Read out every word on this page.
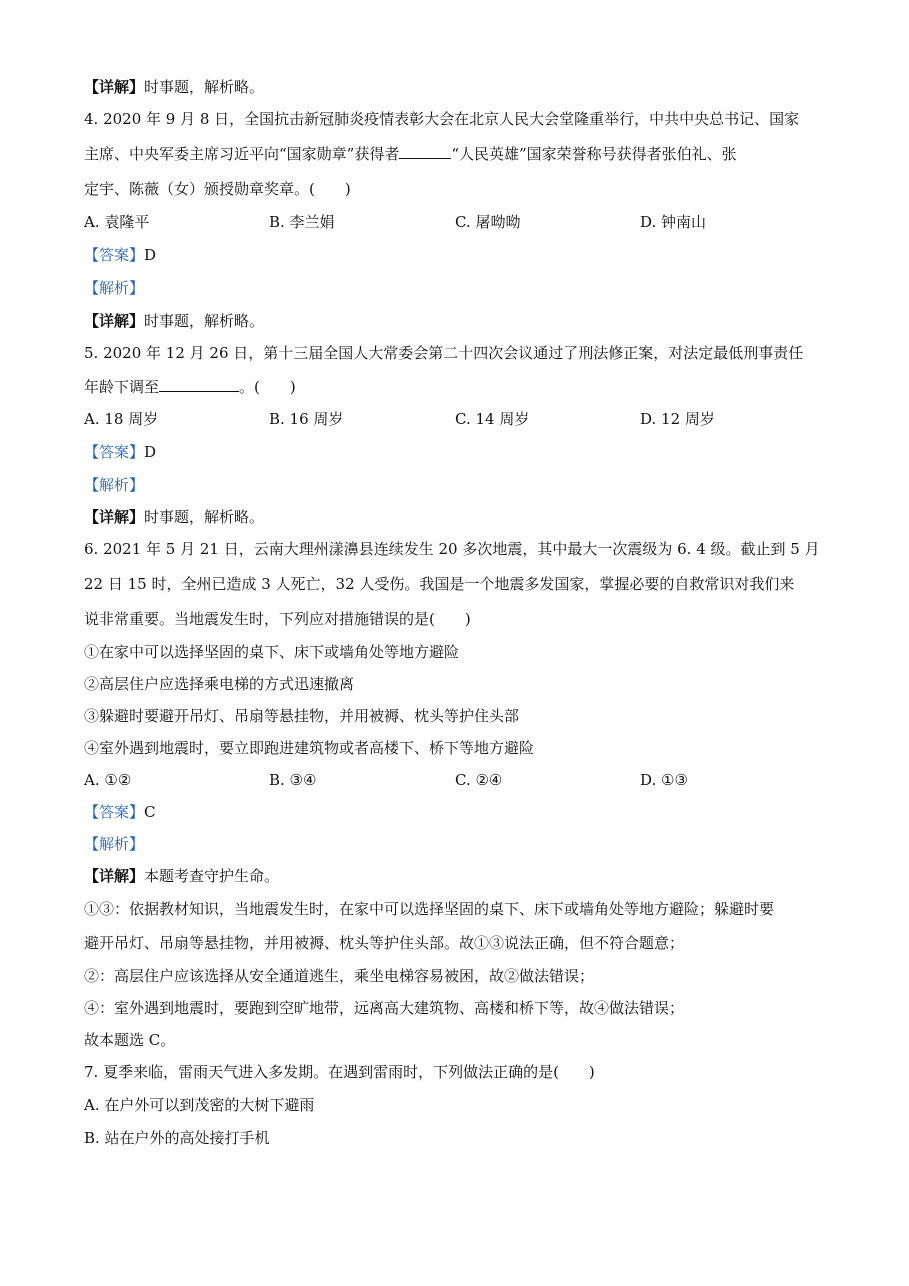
【详解】时事题，解析略。
4. 2020 年 9 月 8 日，全国抗击新冠肺炎疫情表彰大会在北京人民大会堂隆重举行，中共中央总书记、国家
主席、中央军委主席习近平向“国家勋章”获得者	“人民英雄”国家荣誉称号获得者张伯礼、张
定宇、陈薇（女）颁授勋章奖章。(　　)
A. 袁隆平	B. 李兰娟	C. 屠呦呦	D. 钟南山
【答案】D
【解析】
【详解】时事题，解析略。
5. 2020 年 12 月 26 日，第十三届全国人大常委会第二十四次会议通过了刑法修正案，对法定最低刑事责任
年龄下调至	。(　　)
A. 18 周岁	B. 16 周岁	C. 14 周岁	D. 12 周岁
【答案】D
【解析】
【详解】时事题，解析略。
6. 2021 年 5 月 21 日，云南大理州漾濞县连续发生 20 多次地震，其中最大一次震级为 6. 4 级。截止到 5 月
22 日 15 时，全州已造成 3 人死亡，32 人受伤。我国是一个地震多发国家，掌握必要的自救常识对我们来
说非常重要。当地震发生时，下列应对措施错误的是(　　)
①在家中可以选择坚固的桌下、床下或墙角处等地方避险
②高层住户应选择乘电梯的方式迅速撤离
③躲避时要避开吊灯、吊扇等悬挂物，并用被褥、枕头等护住头部
④室外遇到地震时，要立即跑进建筑物或者高楼下、桥下等地方避险
A. ①②	B. ③④	C. ②④	D. ①③
【答案】C
【解析】
【详解】本题考查守护生命。
①③：依据教材知识，当地震发生时，在家中可以选择坚固的桌下、床下或墙角处等地方避险；躲避时要
避开吊灯、吊扇等悬挂物，并用被褥、枕头等护住头部。故①③说法正确，但不符合题意；
②：高层住户应该选择从安全通道逃生，乘坐电梯容易被困，故②做法错误；
④：室外遇到地震时，要跑到空旷地带，远离高大建筑物、高楼和桥下等，故④做法错误；
故本题选 C。
7. 夏季来临，雷雨天气进入多发期。在遇到雷雨时，下列做法正确的是(　　)
A. 在户外可以到茂密的大树下避雨
B. 站在户外的高处接打手机
